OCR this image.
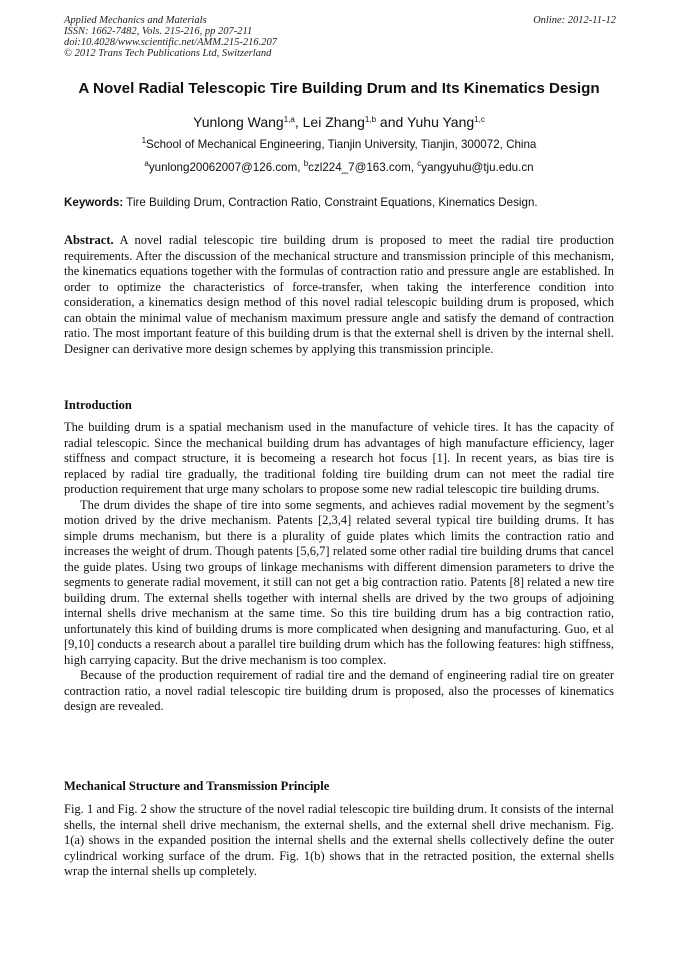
Applied Mechanics and Materials	Online: 2012-11-12
ISSN: 1662-7482, Vols. 215-216, pp 207-211
doi:10.4028/www.scientific.net/AMM.215-216.207
© 2012 Trans Tech Publications Ltd, Switzerland
A Novel Radial Telescopic Tire Building Drum and Its Kinematics Design
Yunlong Wang$^{1,a}$, Lei Zhang$^{1,b}$ and Yuhu Yang$^{1,c}$
$^1$School of Mechanical Engineering, Tianjin University, Tianjin, 300072, China
$^a$yunlong20062007@126.com, $^b$czl224_7@163.com, $^c$yangyuhu@tju.edu.cn
Keywords: Tire Building Drum, Contraction Ratio, Constraint Equations, Kinematics Design.

Abstract. A novel radial telescopic tire building drum is proposed to meet the radial tire production requirements. After the discussion of the mechanical structure and transmission principle of this mechanism, the kinematics equations together with the formulas of contraction ratio and pressure angle are established. In order to optimize the characteristics of force-transfer, when taking the interference condition into consideration, a kinematics design method of this novel radial telescopic building drum is proposed, which can obtain the minimal value of mechanism maximum pressure angle and satisfy the demand of contraction ratio. The most important feature of this building drum is that the external shell is driven by the internal shell. Designer can derivative more design schemes by applying this transmission principle.

Introduction

The building drum is a spatial mechanism used in the manufacture of vehicle tires. It has the capacity of radial telescopic. Since the mechanical building drum has advantages of high manufacture efficiency, lager stiffness and compact structure, it is becomeing a research hot focus [1]. In recent years, as bias tire is replaced by radial tire gradually, the traditional folding tire building drum can not meet the radial tire production requirement that urge many scholars to propose some new radial telescopic tire building drums.

The drum divides the shape of tire into some segments, and achieves radial movement by the segment’s motion drived by the drive mechanism. Patents [2,3,4] related several typical tire building drums. It has simple drums mechanism, but there is a plurality of guide plates which limits the contraction ratio and increases the weight of drum. Though patents [5,6,7] related some other radial tire building drums that cancel the guide plates. Using two groups of linkage mechanisms with different dimension parameters to drive the segments to generate radial movement, it still can not get a big contraction ratio. Patents [8] related a new tire building drum. The external shells together with internal shells are drived by the two groups of adjoining internal shells drive mechanism at the same time. So this tire building drum has a big contraction ratio, unfortunately this kind of building drums is more complicated when designing and manufacturing. Guo, et al [9,10] conducts a research about a parallel tire building drum which has the following features: high stiffness, high carrying capacity. But the drive mechanism is too complex.

Because of the production requirement of radial tire and the demand of engineering radial tire on greater contraction ratio, a novel radial telescopic tire building drum is proposed, also the processes of kinematics design are revealed.

Mechanical Structure and Transmission Principle

Fig. 1 and Fig. 2 show the structure of the novel radial telescopic tire building drum. It consists of the internal shells, the internal shell drive mechanism, the external shells, and the external shell drive mechanism. Fig. 1(a) shows in the expanded position the internal shells and the external shells collectively define the outer cylindrical working surface of the drum. Fig. 1(b) shows that in the retracted position, the external shells wrap the internal shells up completely.
